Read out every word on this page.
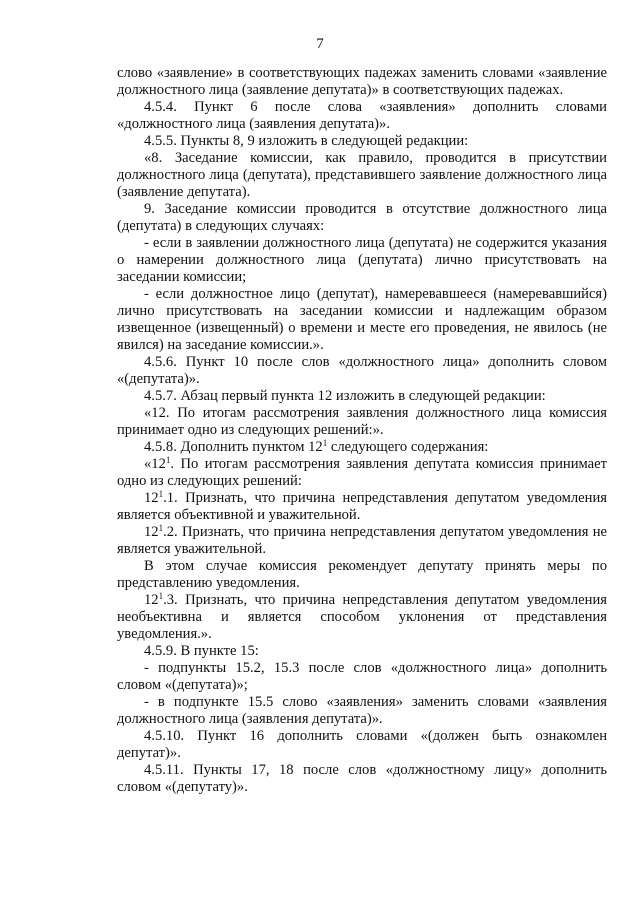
7

слово «заявление» в соответствующих падежах заменить словами «заявление должностного лица (заявление депутата)» в соответствующих падежах.

4.5.4. Пункт 6 после слова «заявления» дополнить словами «должностного лица (заявления депутата)».

4.5.5. Пункты 8, 9 изложить в следующей редакции:

«8. Заседание комиссии, как правило, проводится в присутствии должностного лица (депутата), представившего заявление должностного лица (заявление депутата).

9. Заседание комиссии проводится в отсутствие должностного лица (депутата) в следующих случаях:

- если в заявлении должностного лица (депутата) не содержится указания о намерении должностного лица (депутата) лично присутствовать на заседании комиссии;

- если должностное лицо (депутат), намеревавшееся (намеревавшийся) лично присутствовать на заседании комиссии и надлежащим образом извещенное (извещенный) о времени и месте его проведения, не явилось (не явился) на заседание комиссии.».

4.5.6. Пункт 10 после слов «должностного лица» дополнить словом «(депутата)».

4.5.7. Абзац первый пункта 12 изложить в следующей редакции:

«12. По итогам рассмотрения заявления должностного лица комиссия принимает одно из следующих решений:».

4.5.8. Дополнить пунктом $12^1$ следующего содержания:

«$12^1$. По итогам рассмотрения заявления депутата комиссия принимает одно из следующих решений:

$12^1.1$. Признать, что причина непредставления депутатом уведомления является объективной и уважительной.

$12^1.2$. Признать, что причина непредставления депутатом уведомления не является уважительной.

В этом случае комиссия рекомендует депутату принять меры по представлению уведомления.

$12^1.3$. Признать, что причина непредставления депутатом уведомления необъективна и является способом уклонения от представления уведомления.».

4.5.9. В пункте 15:

- подпункты 15.2, 15.3 после слов «должностного лица» дополнить словом «(депутата)»;

- в подпункте 15.5 слово «заявления» заменить словами «заявления должностного лица (заявления депутата)».

4.5.10. Пункт 16 дополнить словами «(должен быть ознакомлен депутат)».

4.5.11. Пункты 17, 18 после слов «должностному лицу» дополнить словом «(депутату)».
